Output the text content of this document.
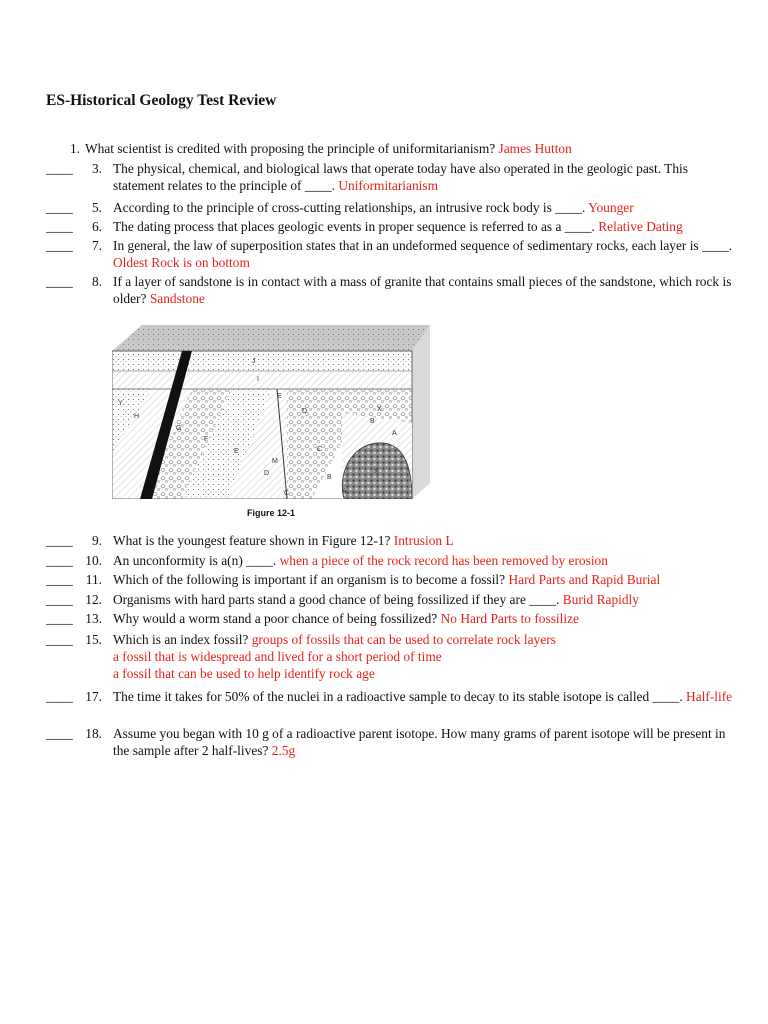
ES-Historical Geology Test Review
1. What scientist is credited with proposing the principle of uniformitarianism? James Hutton
____	3. The physical, chemical, and biological laws that operate today have also operated in the geologic past. This statement relates to the principle of ____. Uniformitarianism
____	5. According to the principle of cross-cutting relationships, an intrusive rock body is ____. Younger
____	6. The dating process that places geologic events in proper sequence is referred to as a ____. Relative Dating
____	7. In general, the law of superposition states that in an undeformed sequence of sedimentary rocks, each layer is ____. Oldest Rock is on bottom
____	8. If a layer of sandstone is in contact with a mass of granite that contains small pieces of the sandstone, which rock is older? Sandstone
J
I
E
Y
H
G
F
E
D	X
B
A
M
D
C
K
C
B
A
Figure 12-1
____	9. What is the youngest feature shown in Figure 12-1? Intrusion L
____ 10. An unconformity is a(n) ____. when a piece of the rock record has been removed by erosion
____ 11. Which of the following is important if an organism is to become a fossil? Hard Parts and Rapid Burial
____ 12. Organisms with hard parts stand a good chance of being fossilized if they are ____. Burid Rapidly
____ 13. Why would a worm stand a poor chance of being fossilized? No Hard Parts to fossilize
____ 15. Which is an index fossil? groups of fossils that can be used to correlate rock layers
a fossil that is widespread and lived for a short period of time
a fossil that can be used to help identify rock age
____ 17. The time it takes for 50% of the nuclei in a radioactive sample to decay to its stable isotope is called ____. Half-life
____ 18. Assume you began with 10 g of a radioactive parent isotope. How many grams of parent isotope will be present in the sample after 2 half-lives? 2.5g
